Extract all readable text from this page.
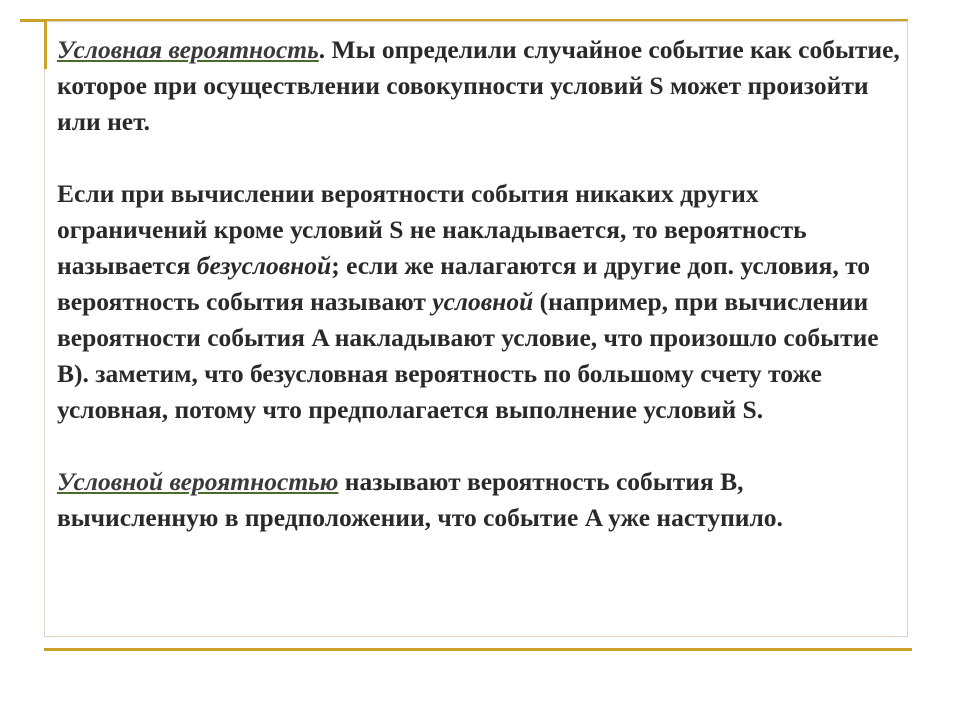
Условная вероятность. Мы определили случайное событие как событие, которое при осуществлении совокупности условий S может произойти или нет.

Если при вычислении вероятности события никаких других ограничений кроме условий S не накладывается, то вероятность называется безусловной; если же налагаются и другие доп. условия, то вероятность события называют условной (например, при вычислении вероятности события A накладывают условие, что произошло событие B). заметим, что безусловная вероятность по большому счету тоже условная, потому что предполагается выполнение условий S.

Условной вероятностью называют вероятность события B, вычисленную в предположении, что событие A уже наступило.
